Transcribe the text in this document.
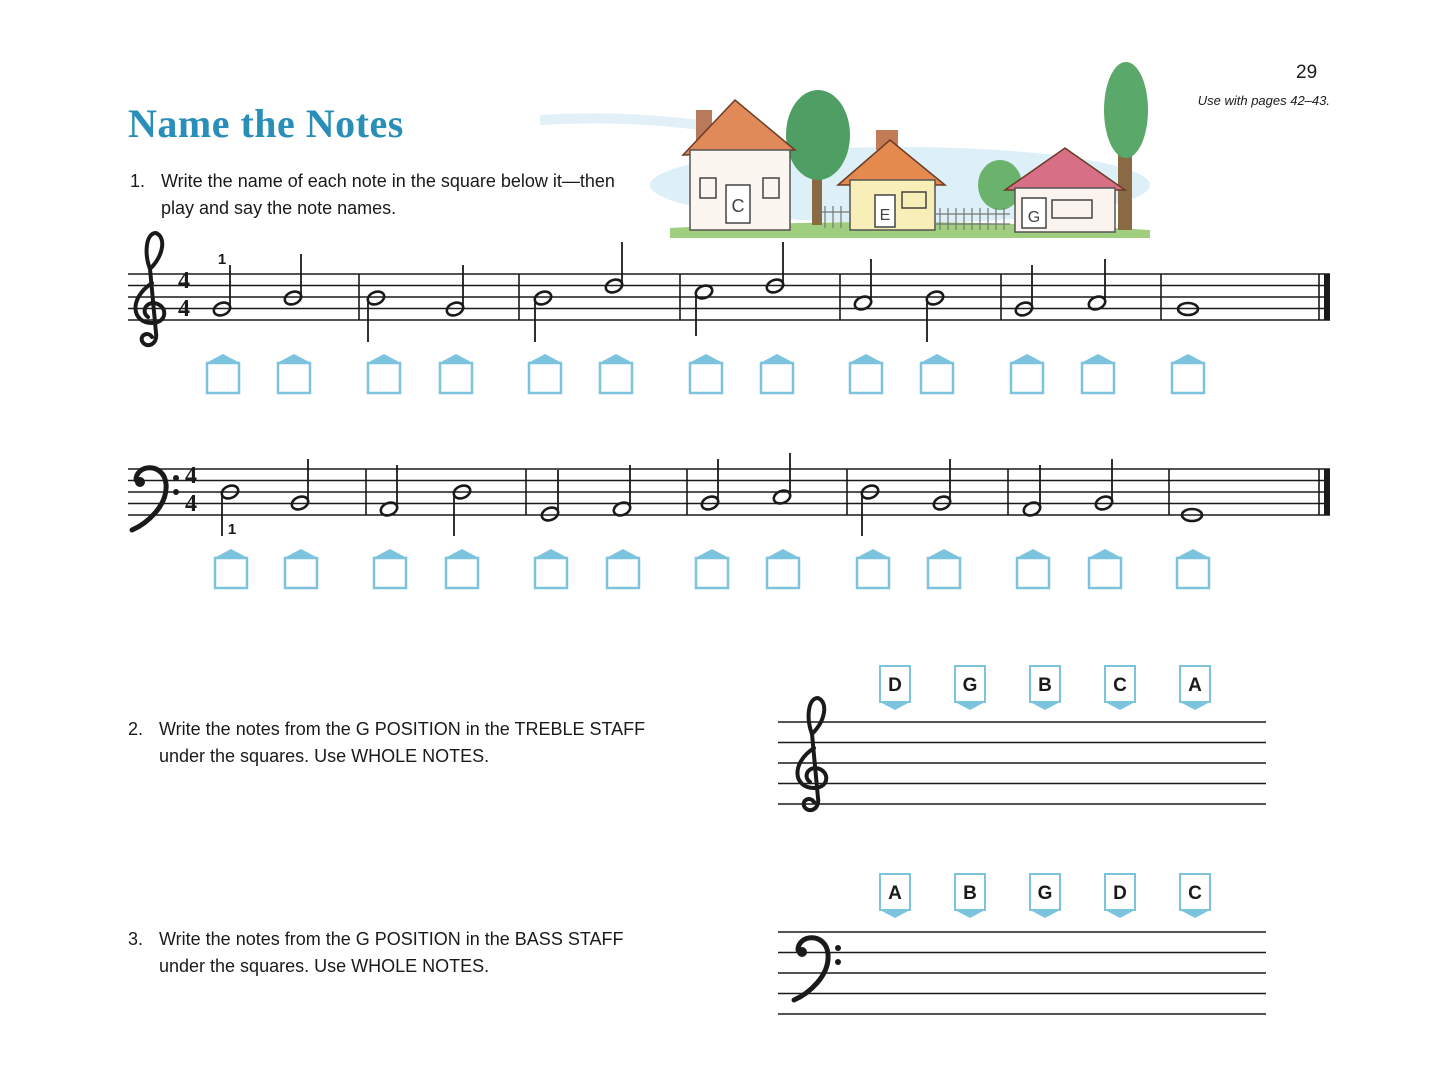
29
Use with pages 42–43.
Name the Notes
1. Write the name of each note in the square below it—then
play and say the note names.
2. Write the notes from the G POSITION in the TREBLE STAFF
under the squares. Use WHOLE NOTES.
3. Write the notes from the G POSITION in the BASS STAFF
under the squares. Use WHOLE NOTES.
C	E	G
4
4
1
4
4
1
D	G	B	C	A
A	B	G	D	C
